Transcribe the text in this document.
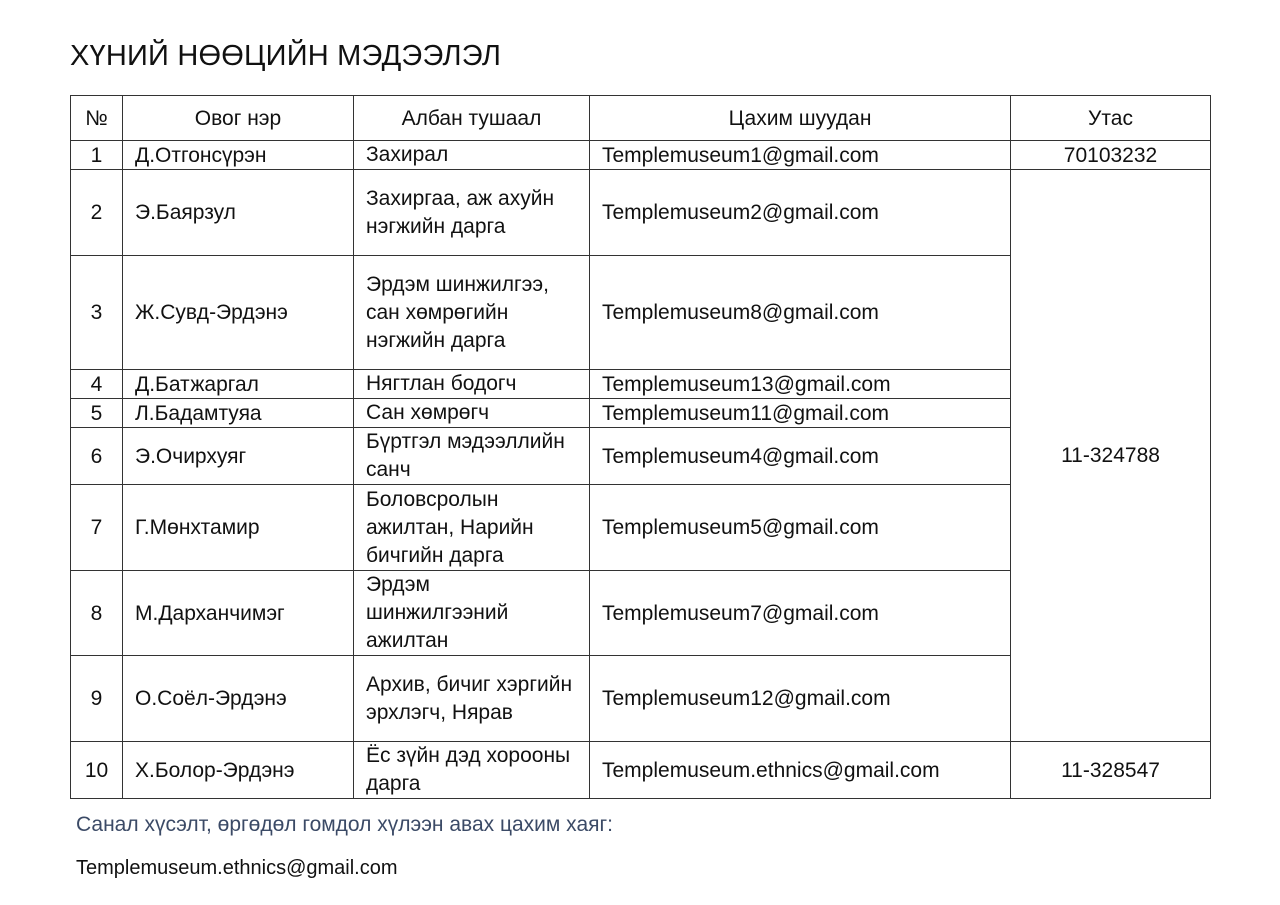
ХҮНИЙ НӨӨЦИЙН МЭДЭЭЛЭЛ
№	Овог нэр	Албан тушаал	Цахим шуудан	Утас
1	Д.Отгонсүрэн	Захирал	Templemuseum1@gmail.com	70103232
2	Э.Баярзул	Захиргаа, аж ахуйн нэгжийн дарга	Templemuseum2@gmail.com	11-324788
3	Ж.Сувд-Эрдэнэ	Эрдэм шинжилгээ, сан хөмрөгийн нэгжийн дарга	Templemuseum8@gmail.com	
4	Д.Батжаргал	Нягтлан бодогч	Templemuseum13@gmail.com	
5	Л.Бадамтуяа	Сан хөмрөгч	Templemuseum11@gmail.com	
6	Э.Очирхуяг	Бүртгэл мэдээллийн санч	Templemuseum4@gmail.com	
7	Г.Мөнхтамир	Боловсролын ажилтан, Нарийн бичгийн дарга	Templemuseum5@gmail.com	
8	М.Дарханчимэг	Эрдэм шинжилгээний ажилтан	Templemuseum7@gmail.com	
9	О.Соёл-Эрдэнэ	Архив, бичиг хэргийн эрхлэгч, Нярав	Templemuseum12@gmail.com	
10	Х.Болор-Эрдэнэ	Ёс зүйн дэд хорооны дарга	Templemuseum.ethnics@gmail.com	11-328547
Санал хүсэлт, өргөдөл гомдол хүлээн авах цахим хаяг:
Templemuseum.ethnics@gmail.com
